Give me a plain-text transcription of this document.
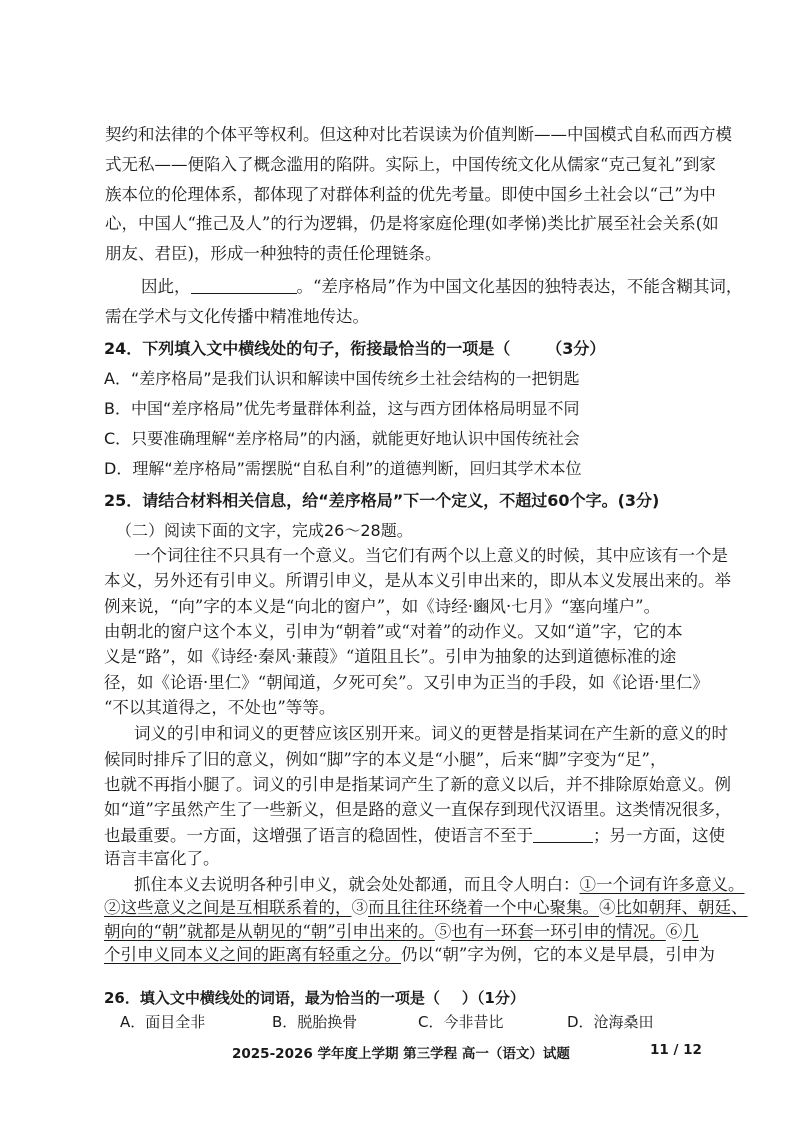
契约和法律的个体平等权利。但这种对比若误读为价值判断——中国模式自私而西方模
式无私——便陷入了概念滥用的陷阱。实际上，中国传统文化从儒家“克己复礼”到家
族本位的伦理体系，都体现了对群体利益的优先考量。即使中国乡土社会以“己”为中
心，中国人“推己及人”的行为逻辑，仍是将家庭伦理(如孝悌)类比扩展至社会关系(如
朋友、君臣)，形成一种独特的责任伦理链条。
因此，	。“差序格局”作为中国文化基因的独特表达，不能含糊其词，
需在学术与文化传播中精准地传达。
24．下列填入文中横线处的句子，衔接最恰当的一项是（ （3分）
A．“差序格局”是我们认识和解读中国传统乡土社会结构的一把钥匙
B．中国“差序格局”优先考量群体利益，这与西方团体格局明显不同
C．只要准确理解“差序格局”的内涵，就能更好地认识中国传统社会
D．理解“差序格局”需摆脱“自私自利”的道德判断，回归其学术本位
25．请结合材料相关信息，给“差序格局”下一个定义，不超过60个字。(3分)
（二）阅读下面的文字，完成26～28题。
一个词往往不只具有一个意义。当它们有两个以上意义的时候，其中应该有一个是
本义，另外还有引申义。所谓引申义，是从本义引申出来的，即从本义发展出来的。举
例来说，“向”字的本义是“向北的窗户”，如《诗经·豳风·七月》“塞向墐户”。
由朝北的窗户这个本义，引申为“朝着”或“对着”的动作义。又如“道”字，它的本
义是“路”，如《诗经·秦风·蒹葭》“道阻且长”。引申为抽象的达到道德标准的途
径，如《论语·里仁》“朝闻道，夕死可矣”。又引申为正当的手段，如《论语·里仁》
“不以其道得之，不处也”等等。
词义的引申和词义的更替应该区别开来。词义的更替是指某词在产生新的意义的时
候同时排斥了旧的意义，例如“脚”字的本义是“小腿”，后来“脚”字变为“足”，
也就不再指小腿了。词义的引申是指某词产生了新的意义以后，并不排除原始意义。例
如“道”字虽然产生了一些新义，但是路的意义一直保存到现代汉语里。这类情况很多，
也最重要。一方面，这增强了语言的稳固性，使语言不至于	；另一方面，这使
语言丰富化了。
抓住本义去说明各种引申义，就会处处都通，而且令人明白：①一个词有许多意义。
②这些意义之间是互相联系着的，③而且往往环绕着一个中心聚集。④比如朝拜、朝廷、
朝向的“朝”就都是从朝见的“朝”引申出来的。⑤也有一环套一环引申的情况。⑥几
个引申义同本义之间的距离有轻重之分。仍以“朝”字为例，它的本义是早晨，引申为
26．填入文中横线处的词语，最为恰当的一项是（ ）（1分）
A．面目全非	B．脱胎换骨	C．今非昔比	D．沧海桑田
2025-2026 学年度上学期 第三学程 高一（语文）试题	11 / 12
